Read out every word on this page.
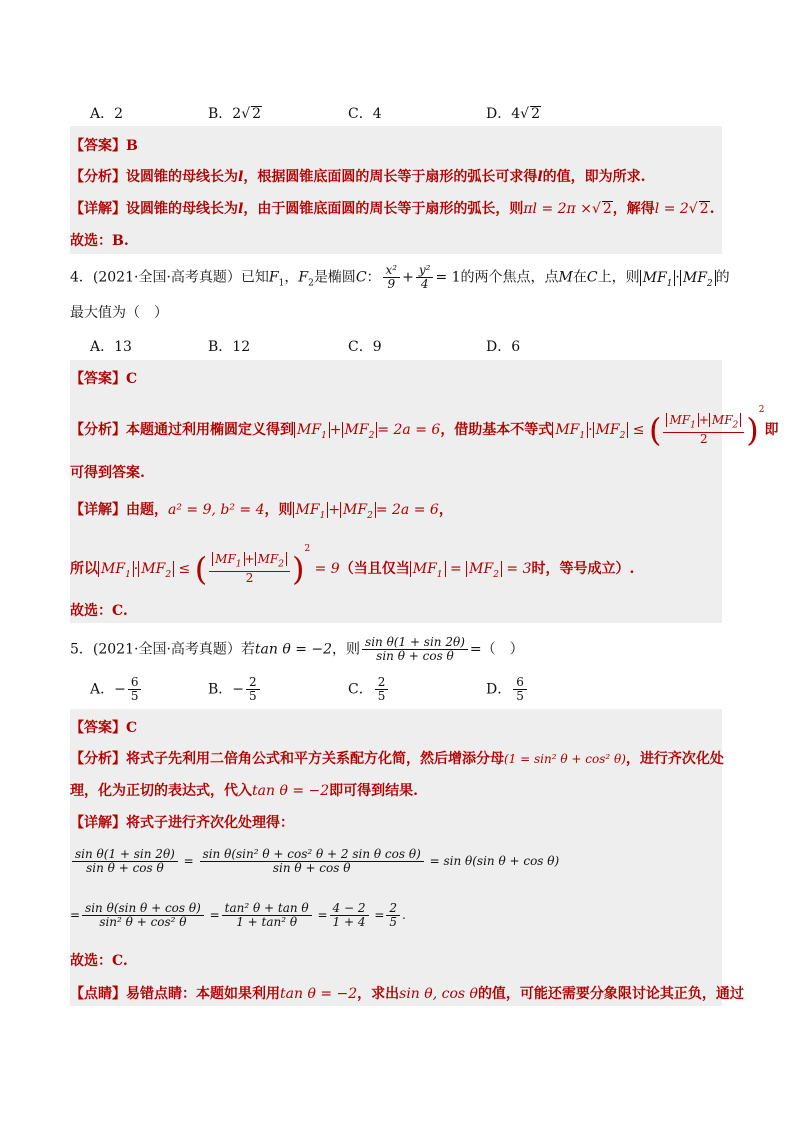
A．2	B．2√ 2	C．4	D．4√ 2
【答案】B
【分析】设圆锥的母线长为l，根据圆锥底面圆的周长等于扇形的弧长可求得l的值，即为所求.
【详解】设圆锥的母线长为l，由于圆锥底面圆的周长等于扇形的弧长，则πl = 2π ×√ 2，解得l = 2√ 2.
故选：B.
4．(2021·全国·高考真题）已知$F_1$，$F_2$是椭圆C： $\frac{\text{x²}}{9} + \frac{\text{y²}}{4} = 1$的两个焦点，点M在C上，则 $MF_1 \cdot MF_2$ 的
最大值为（　）
A．13	B．12	C．9	D．6
【答案】C
【分析】本题通过利用椭圆定义得到 $MF_1 + MF_2 = 2a = 6$，借助基本不等式 $MF_1 \cdot MF_2$ ≤ ( $\frac{MF_1 + MF_2}{2} )^2$即
可得到答案.
【详解】由题，a² = 9, b² = 4，则 $MF_1 + MF_2 = 2a = 6$，
所以 $MF_1 \cdot MF_2$ ≤ ( $\frac{MF_1 + MF_2}{2} )^2 = 9$（当且仅当 $MF_1 = MF_2 = 3$时，等号成立）.
故选：C.
5．(2021·全国·高考真题）若tan θ = −2，则 $\frac{\text{sin θ(1 + sin 2θ)}}{\text{sin θ + cos θ}}$ =（　）
A．− $\frac{6}{5}$	B．− $\frac{2}{5}$	C． $\frac{2}{5}$	D． $\frac{6}{5}$
【答案】C
【分析】将式子先利用二倍角公式和平方关系配方化简，然后增添分母(1 = sin² θ + cos² θ)，进行齐次化处
理，化为正切的表达式，代入tan θ = −2即可得到结果.
【详解】将式子进行齐次化处理得：
$\frac{\text{sin θ(1 + sin 2θ)}}{\text{sin θ + cos θ}} = \frac{\text{sin θ(sin² θ + cos² θ + 2 sin θ cos θ)}}{\text{sin θ + cos θ}} = \sin \theta(\sin$ θ + cos θ)
= $\frac{\text{sin θ(sin θ + cos θ)}}{\text{sin² θ + cos² θ}} = \frac{\text{tan² θ + tan θ}}{\text{1 + tan² θ}} = \frac{4 - 2}{1 + 4} = \frac{2}{5}$ .
故选：C.
【点睛】易错点睛：本题如果利用tan θ = −2，求出sin θ, cos θ的值，可能还需要分象限讨论其正负，通过
